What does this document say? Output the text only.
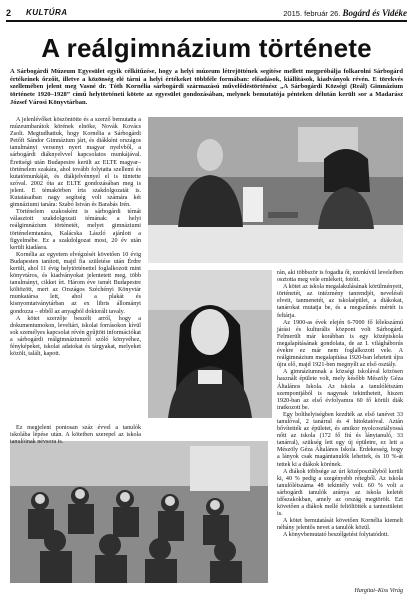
2 KULTÚRA	2015. február 26. Bogárd és Vidéke
A reálgimnázium története
A Sárbogárdi Múzeum Egyesület egyik célkitűzése, hogy a helyi múzeum létrejöttének segítése mellett megpróbálja folkarolni Sárbogárd értékeinek őrzőit, illetve a közönség elé tárni a helyi értékeket többféle formában: előadások, kiállítások, kiadványok révén. E törekvés szellemében jelent meg Vasné dr. Tóth Kornélia sárbogárdi származású művelődéstörténész „A Sárbogárdi Községi (Reál) Gimnázium története 1920–1928” című helytörténeti kötete az egyesület gondozásában, melynek bemutatója pénteken délután került sor a Madarász József Városi Könyvtárban.

A jelenlévőket köszöntötte és a szerző bemutatta a múzeumbarátok körének elnöke, Novák Kovács Zsolt. Megtudhattuk, hogy Kornélia a Sárbogárdi Petőfi Sándor Gimnázium járt, és diákként országos tanulmányi versenyt nyert magyar nyelvből, a sárbogárdi diáknyelvvel kapcsolatos munkájával. Érettségi után Budapestre került az ELTE magyar–történelem szakára, ahol tovább folytatta szellemi és kutatómunkáját, és diákjelvénnyel el is tüntette szóval. 2002 óta az ELTE gondozásában meg is jelent. E témakörben írta szakdolgozatát is. Kutatásaiban nagy segítség volt számára két gimnáziumi tanára: Szabó István és Barabás Irén.

Történelem szakosként is sárbogárdi témát választott szakdolgozati témának: a helyi reálgimnázium történetét, melyet gimnáziumi történelemtanára, Kalácska László ajánlott a figyelmébe. Ez a szakdolgozat most, 20 év után került kiadásra.

Kornélia az egyetem elvégzését követően 10 évig Budapesten tanított, majd fia születése után Érdre került, ahol 11 évig helytörténettel foglalkozott mint könyvtáros, és kiadványokat jelentetett meg, több tanulmányt, cikket írt. Három éve ismét Budapestre költözött, mert az Országos Széchényi Könyvtár munkatársa lett, ahol a plakát és kisnyomtatványtárban az ex libris állományt gondozza – ebből az anyagból doktorált tavaly.

A kötet szerzője beszélt arról, hogy a dokumentumokon, leveltári, iskolai forrásokon kívül sok személyes kapcsolat révén gyűjtött információkat a sárbogárdi reálgimnáziumról szóló könyvéhez, fényképeket, iskolai adatokat és tárgyakat, melyeket közölt, talált, kapott.

Ez megjelent pontosan száz évvel a tanulók iskolába lépése után. A kötetben szerepel az iskola tanulóinak névsora is.

rán, aki többször is fogadta őt, ezenkívül leveleiben osztotta meg vele emlékeit, fotóit.

A kötet az iskola megalakulásának körülményeit, történetét, az intézmény tanrendjét, neveléséi elveit, tanmenetét, az iskolaépület, a diákokat, tanárokat mutatja be, és a megszűnés mértét is feltárja.

Az 1900-as évek elején 6-7000 fő lélekszámú járási és kulturális központ volt Sárbogárd. Felmerült már korábban is egy középiskola megalapításának gondolata, de az I. világháborús évekre ez már nem foglalkozott vele. A reálgimnázium megalapítása 1920-ban lehetett újra újra elő, majd 1921-ben megnyílt az első osztály.

A gimnáziumnak a községi iskolával közösen használt épülete volt, mely később Mészöly Géza Általános Iskola. Az iskola a tanulólétszám szempontjából is nagynak tekinthetett, hiszen 1920-ban az első évfolyamra 60 fő körüli diák iratkozott be.

Egy bolthelyiségben kezdték az első tanévet 33 tanulóval, 2 tanárral és 4 hitoktatóval. Aztán bővítették az épületet, és amikor nyolcosztályossá nőtt az iskola (172 fő fiú és lánytanuló, 33 tanárral), szükség lett egy új épületre, ez lett a Mészöly Géza Általános Iskola. Érdekesség, hogy a lányok csak magántanulók lehettek, és 10 %-át tettek ki a diákok körének.

A diákok többsége az úri középosztályból került ki, 40 % pedig a szegényebb rétegből. Az iskola tanulólétszáma 48 tekintély volt. 60 % volt a sárbogárdi tanulók aránya az iskola keletét időszakokban, amely az ország megtörölt. Ezt követően a diákok mellé feltöltötték a tantestületet is.

A kötet bemutatását követően Kornélia kiemelt néhány jelentős nevet a tanulók közül.

A könyvbemutató beszélgetést folytatódott.

Hargitai–Kiss Virág
